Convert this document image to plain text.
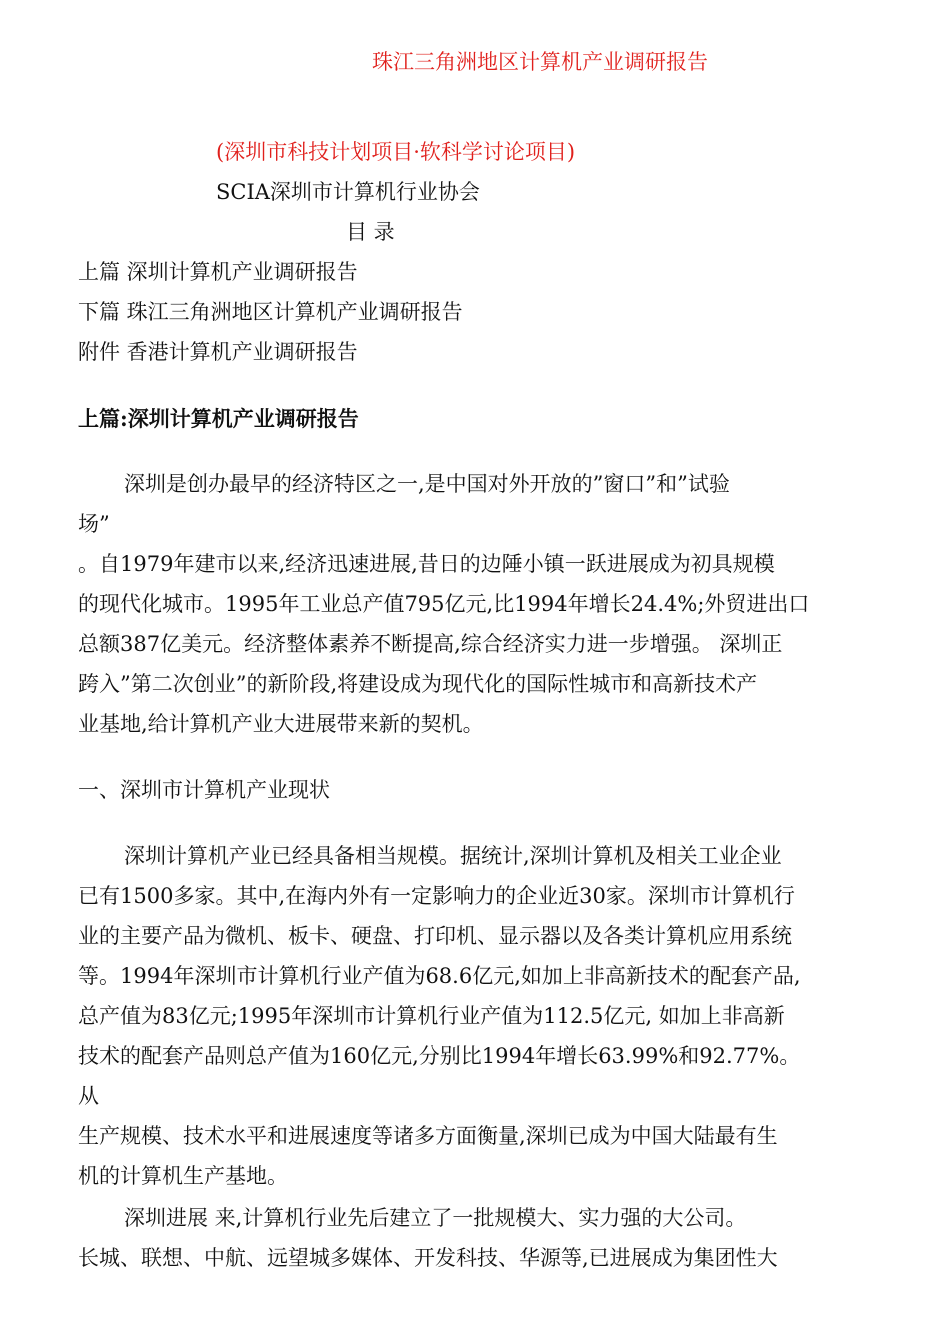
珠江三角洲地区计算机产业调研报告

(深圳市科技计划项目·软科学讨论项目)

SCIA深圳市计算机行业协会

目 录

上篇 深圳计算机产业调研报告

下篇 珠江三角洲地区计算机产业调研报告

附件 香港计算机产业调研报告

上篇:深圳计算机产业调研报告

深圳是创办最早的经济特区之一,是中国对外开放的”窗口”和”试验

场”

。自1979年建市以来,经济迅速进展,昔日的边陲小镇一跃进展成为初具规模

的现代化城市。1995年工业总产值795亿元,比1994年增长24.4%;外贸进出口

总额387亿美元。经济整体素养不断提高,综合经济实力进一步增强。 深圳正

跨入”第二次创业”的新阶段,将建设成为现代化的国际性城市和高新技术产

业基地,给计算机产业大进展带来新的契机。

一、深圳市计算机产业现状

深圳计算机产业已经具备相当规模。据统计,深圳计算机及相关工业企业

已有1500多家。其中,在海内外有一定影响力的企业近30家。深圳市计算机行

业的主要产品为微机、板卡、硬盘、打印机、显示器以及各类计算机应用系统

等。1994年深圳市计算机行业产值为68.6亿元,如加上非高新技术的配套产品,

总产值为83亿元;1995年深圳市计算机行业产值为112.5亿元, 如加上非高新

技术的配套产品则总产值为160亿元,分别比1994年增长63.99%和92.77%。

从

生产规模、技术水平和进展速度等诸多方面衡量,深圳已成为中国大陆最有生

机的计算机生产基地。

深圳进展 来,计算机行业先后建立了一批规模大、实力强的大公司。

长城、联想、中航、远望城多媒体、开发科技、华源等,已进展成为集团性大
